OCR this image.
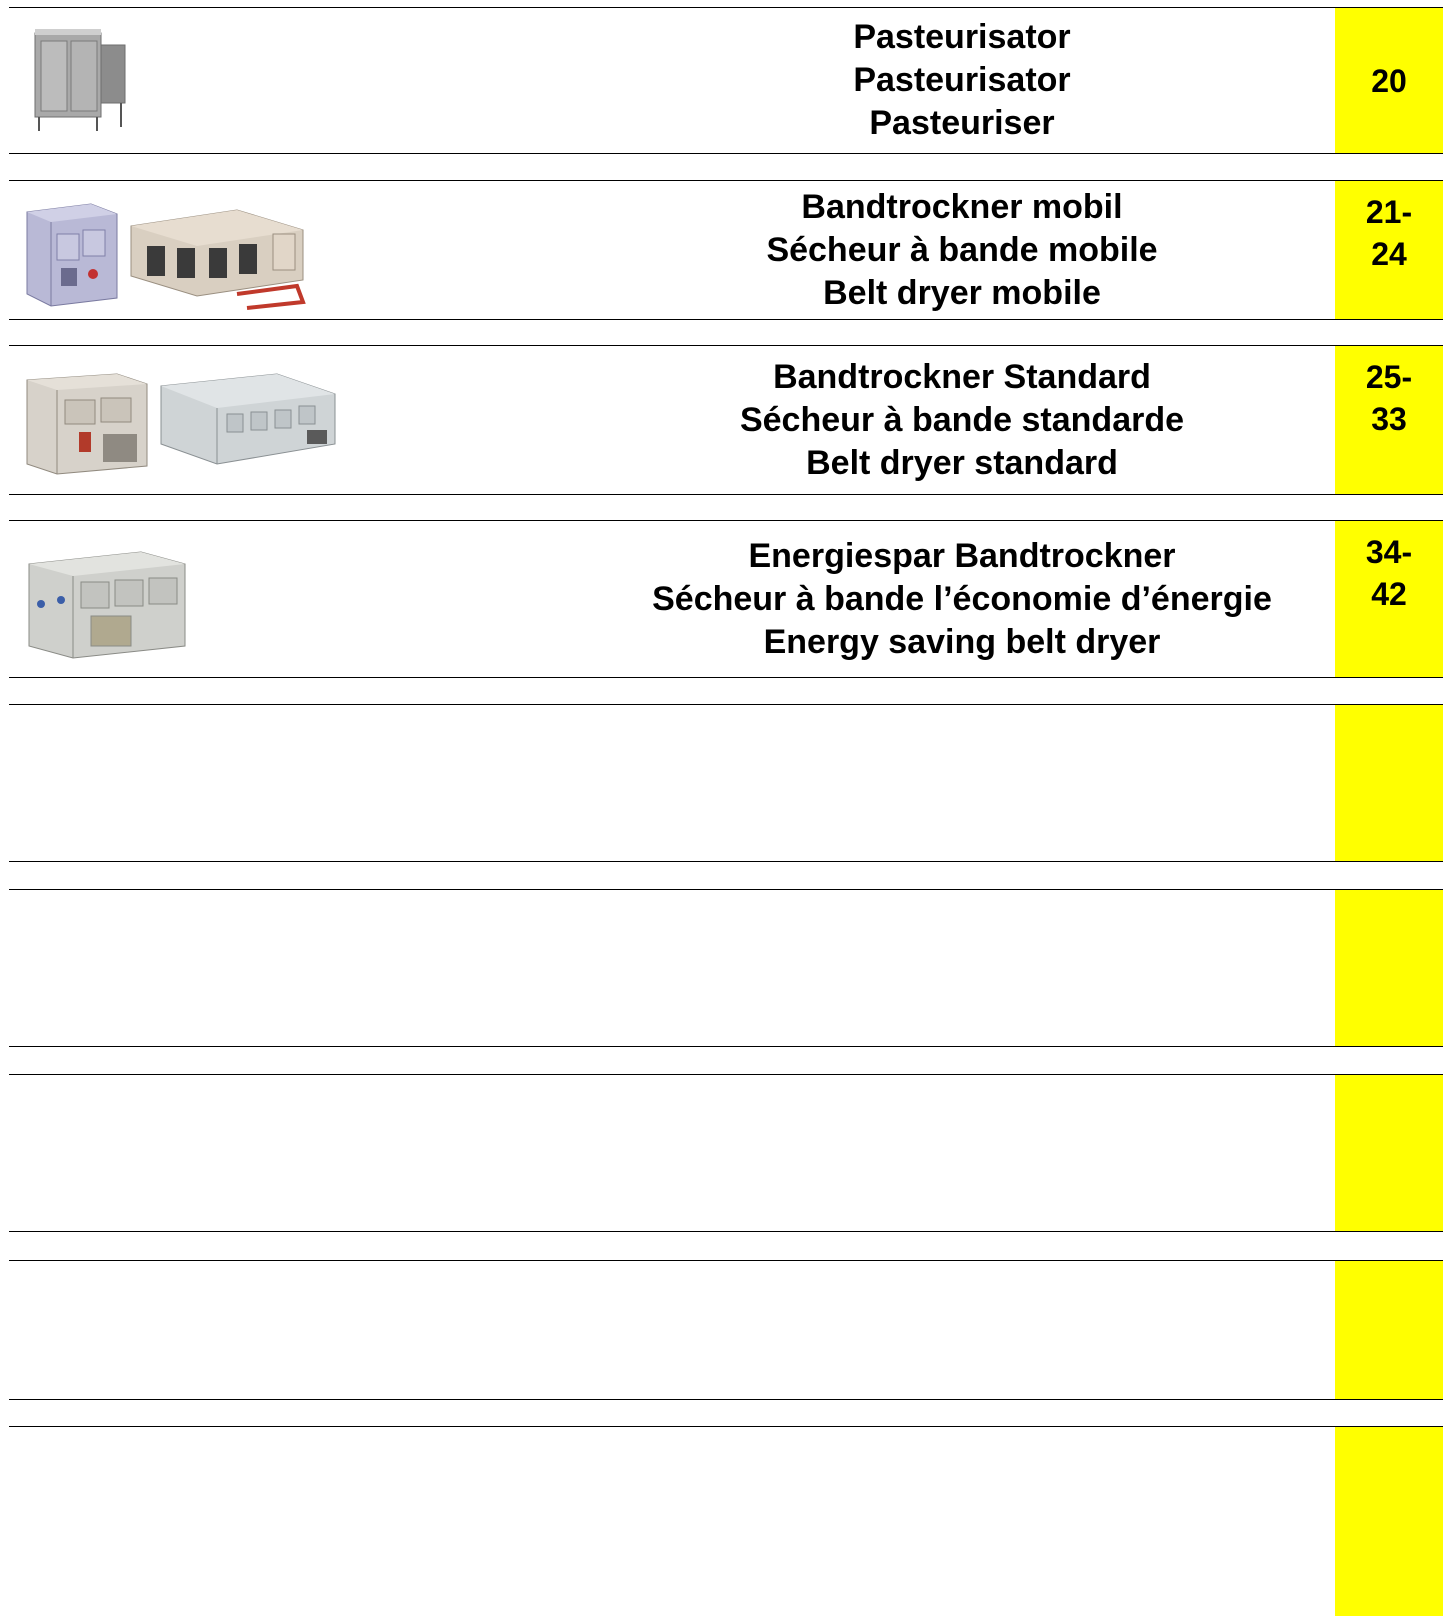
Pasteurisator
Pasteurisator
Pasteuriser
20
Bandtrockner mobil
Sécheur à bande mobile
Belt dryer mobile
21-
24
Bandtrockner Standard
Sécheur à bande standarde
Belt dryer standard
25-
33
Energiespar Bandtrockner
Sécheur à bande l’économie d’énergie
Energy saving belt dryer
34-
42
